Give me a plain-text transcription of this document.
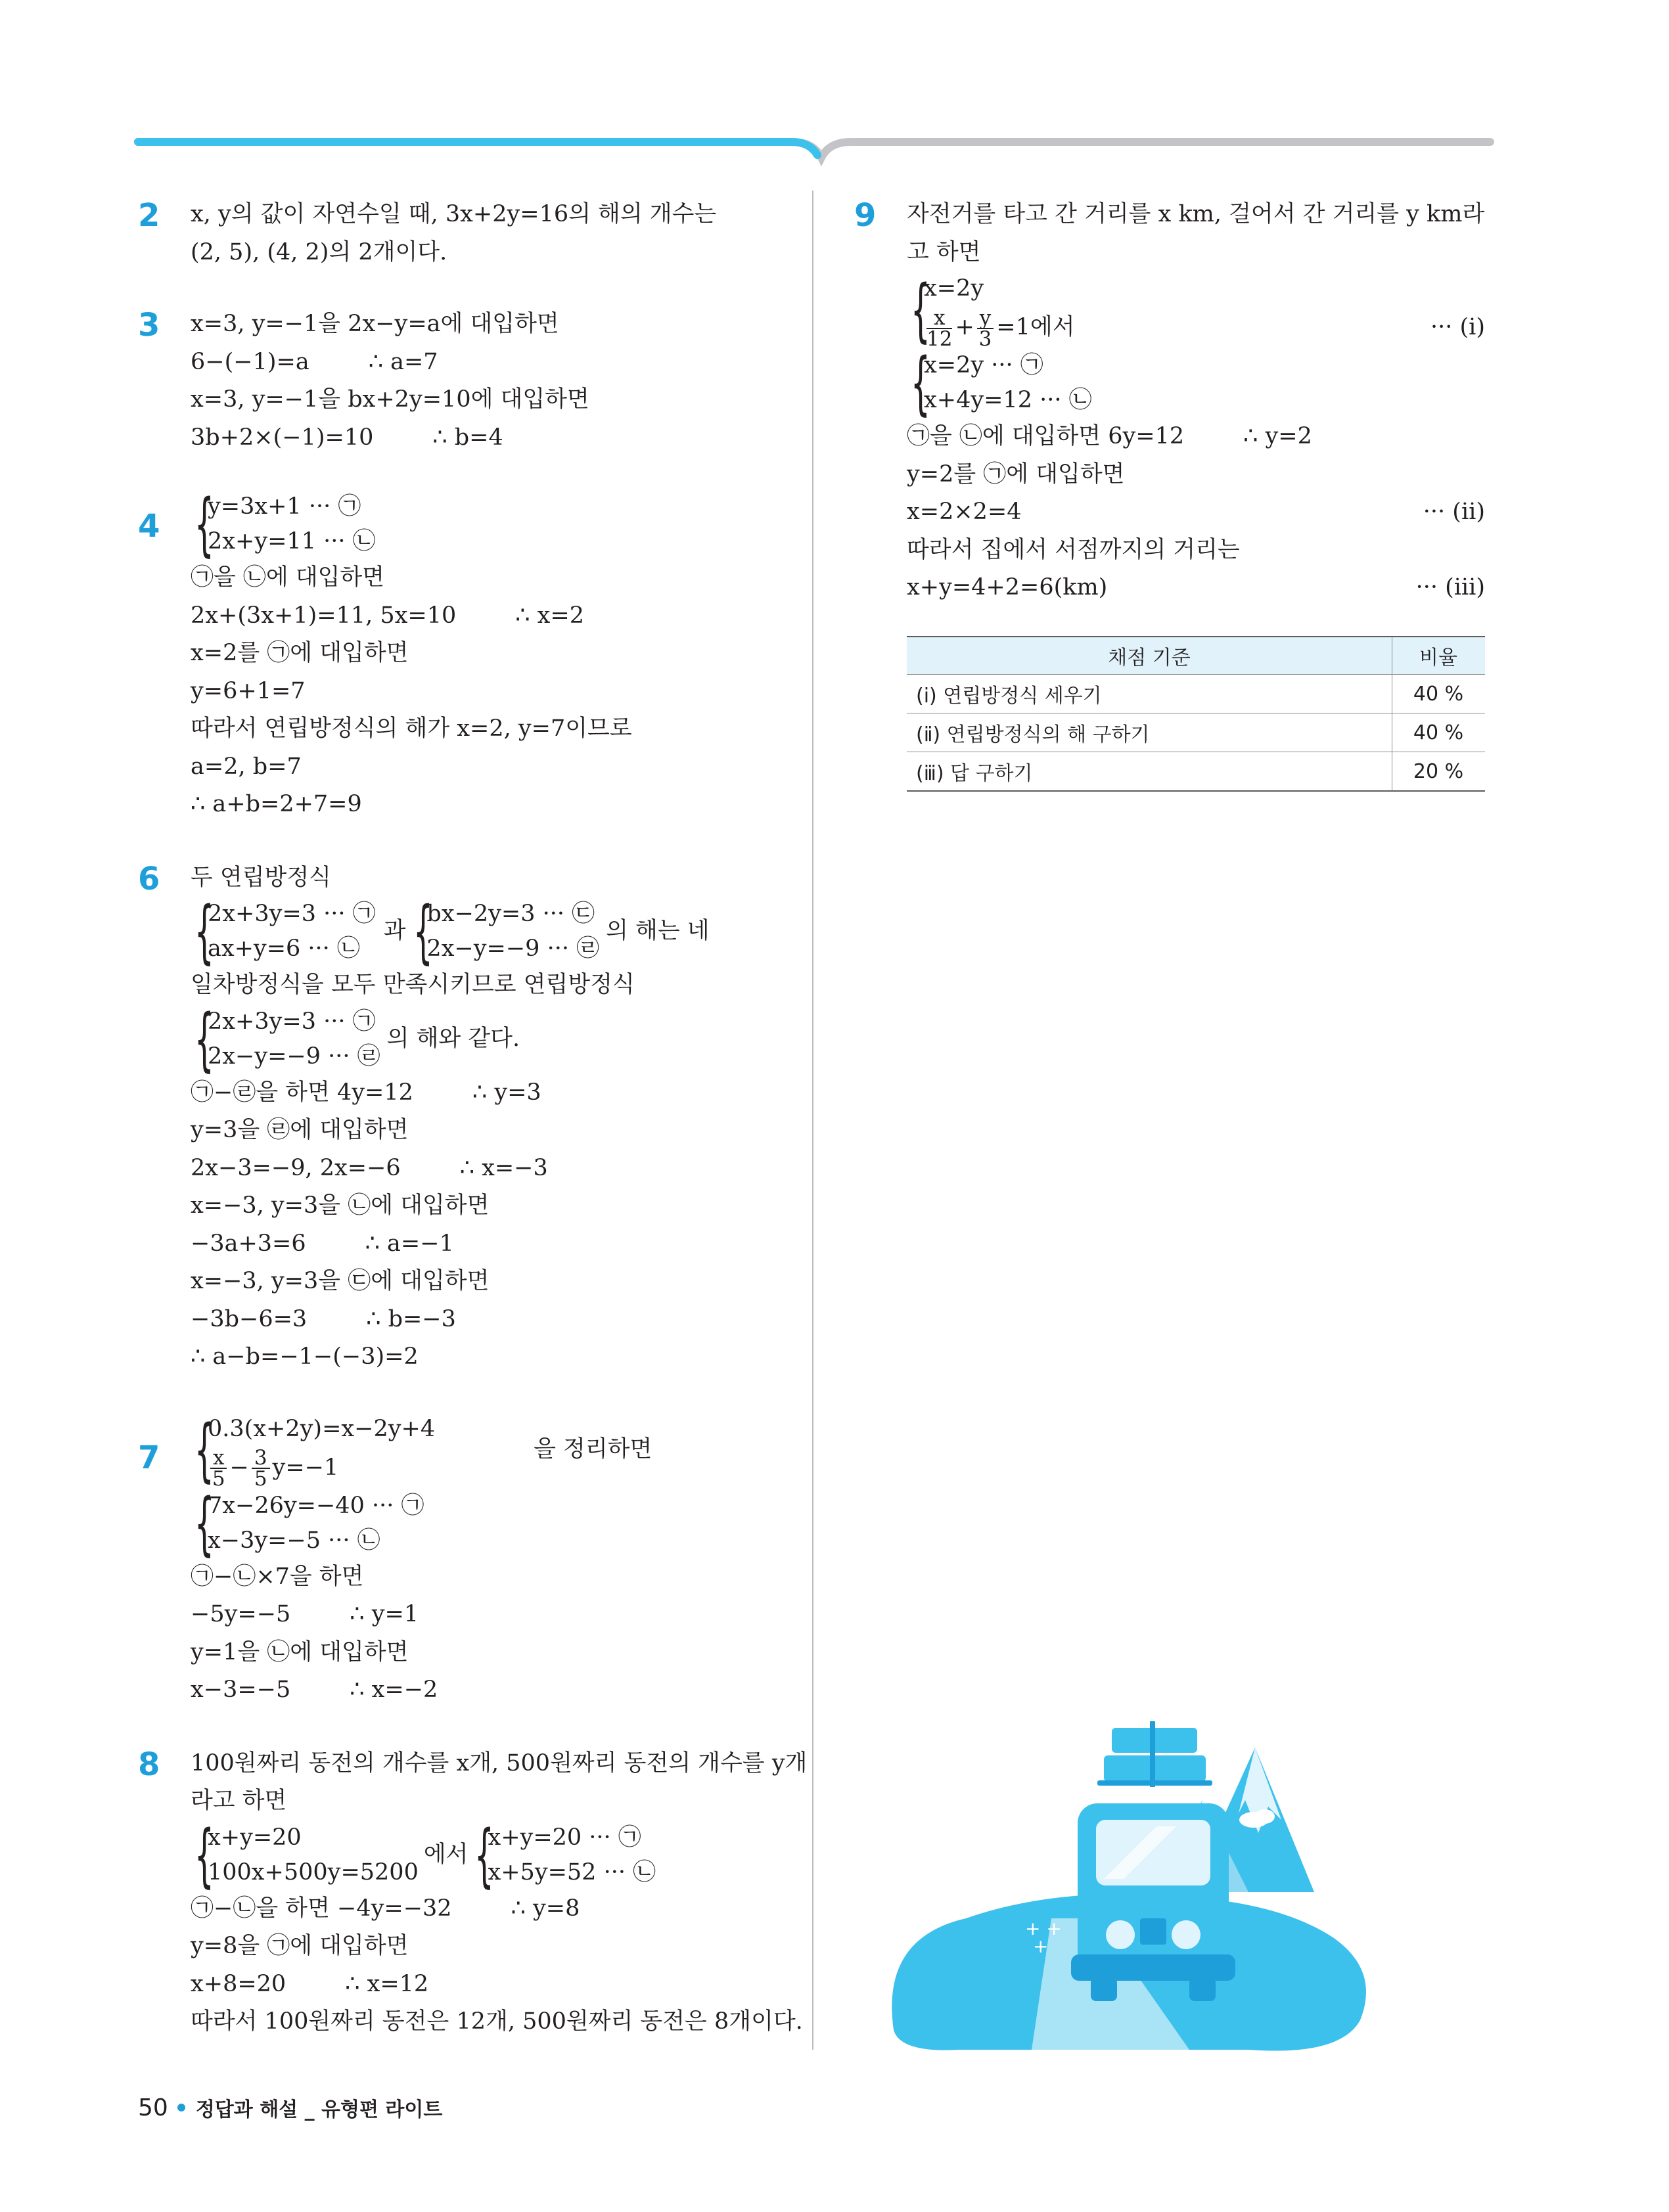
2 x, y의 값이 자연수일 때, 3x+2y=16의 해의 개수는
(2, 5), (4, 2)의 2개이다.
3 x=3, y=−1을 2x−y=a에 대입하면
6−(−1)=a	∴ a=7
x=3, y=−1을 bx+2y=10에 대입하면
3b+2×(−1)=10	∴ b=4
4 {
y=3x+1 ··· ㉠
2x+y=11 ··· ㉡
㉠을 ㉡에 대입하면
2x+(3x+1)=11, 5x=10	∴ x=2
x=2를 ㉠에 대입하면
y=6+1=7
따라서 연립방정식의 해가 x=2, y=7이므로
a=2, b=7
∴ a+b=2+7=9
6 두 연립방정식
{
2x+3y=3 ··· ㉠
ax+y=6 ··· ㉡
과 {
bx−2y=3 ··· ㉢
2x−y=−9 ··· ㉣
의 해는 네
일차방정식을 모두 만족시키므로 연립방정식
{
2x+3y=3 ··· ㉠
2x−y=−9 ··· ㉣
의 해와 같다.
㉠−㉣을 하면 4y=12	∴ y=3
y=3을 ㉣에 대입하면
2x−3=−9, 2x=−6	∴ x=−3
x=−3, y=3을 ㉡에 대입하면
−3a+3=6	∴ a=−1
x=−3, y=3을 ㉢에 대입하면
−3b−6=3	∴ b=−3
∴ a−b=−1−(−3)=2
7 {
0.3(x+2y)=x−2y+4
$\frac{x}{5} - \frac{3}{5} y=-1$
을 정리하면
{
7x−26y=−40 ··· ㉠
x−3y=−5 ··· ㉡
㉠−㉡×7을 하면
−5y=−5	∴ y=1
y=1을 ㉡에 대입하면
x−3=−5	∴ x=−2
8 100원짜리 동전의 개수를 x개, 500원짜리 동전의 개수를 y개
라고 하면
{
x+y=20
100x+500y=5200
에서 {
x+y=20 ··· ㉠
x+5y=52 ··· ㉡
㉠−㉡을 하면 −4y=−32	∴ y=8
y=8을 ㉠에 대입하면
x+8=20	∴ x=12
따라서 100원짜리 동전은 12개, 500원짜리 동전은 8개이다.
9 자전거를 타고 간 거리를 x km, 걸어서 간 거리를 y km라
고 하면
{
x=2y
$\frac{x}{12} + \frac{y}{3} =1$에서	··· (ⅰ)
{
x=2y ··· ㉠
x+4y=12 ··· ㉡
㉠을 ㉡에 대입하면 6y=12	∴ y=2
y=2를 ㉠에 대입하면
x=2×2=4	··· (ⅱ)
따라서 집에서 서점까지의 거리는
x+y=4+2=6(km)	··· (ⅲ)
채점 기준	비율
(ⅰ) 연립방정식 세우기	40 %
(ⅱ) 연립방정식의 해 구하기	40 %
(ⅲ) 답 구하기	20 %
+ +
+
50 정답과 해설 _ 유형편 라이트
